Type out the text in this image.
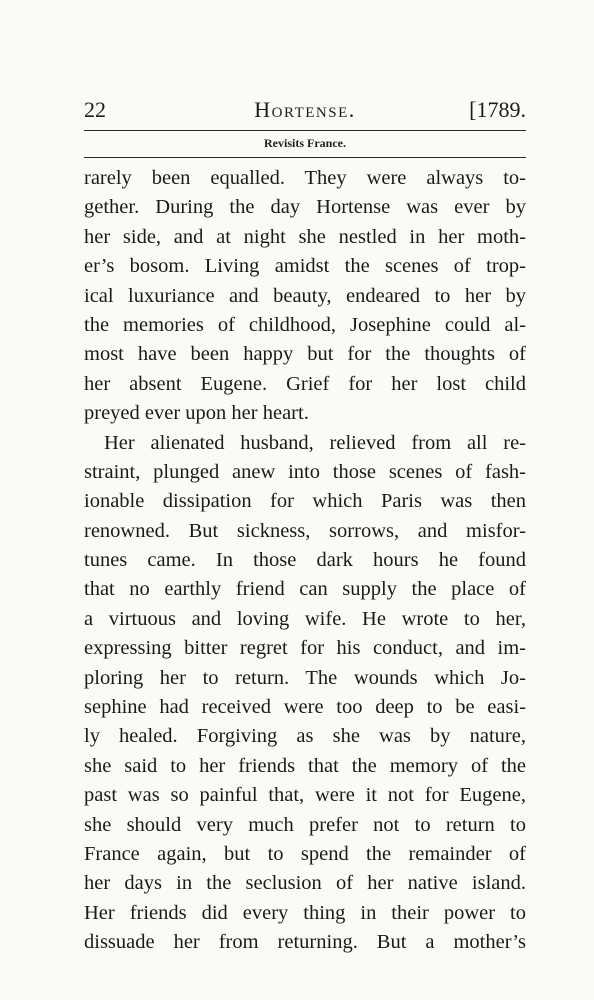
22	Hortense.	[1789.
Revisits France.
rarely been equalled. They were always to-
gether. During the day Hortense was ever by
her side, and at night she nestled in her moth-
er’s bosom. Living amidst the scenes of trop-
ical luxuriance and beauty, endeared to her by
the memories of childhood, Josephine could al-
most have been happy but for the thoughts of
her absent Eugene. Grief for her lost child
preyed ever upon her heart.
Her alienated husband, relieved from all re-
straint, plunged anew into those scenes of fash-
ionable dissipation for which Paris was then
renowned. But sickness, sorrows, and misfor-
tunes came. In those dark hours he found
that no earthly friend can supply the place of
a virtuous and loving wife. He wrote to her,
expressing bitter regret for his conduct, and im-
ploring her to return. The wounds which Jo-
sephine had received were too deep to be easi-
ly healed. Forgiving as she was by nature,
she said to her friends that the memory of the
past was so painful that, were it not for Eugene,
she should very much prefer not to return to
France again, but to spend the remainder of
her days in the seclusion of her native island.
Her friends did every thing in their power to
dissuade her from returning. But a mother’s
